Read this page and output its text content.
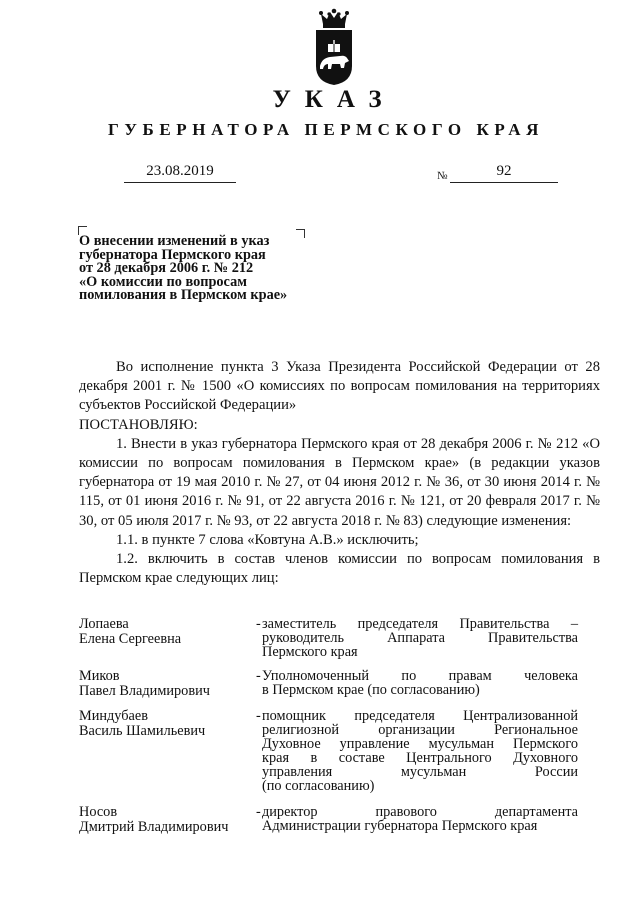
УКАЗ
ГУБЕРНАТОРА ПЕРМСКОГО КРАЯ
23.08.2019	№	92
О внесении изменений в указ
губернатора Пермского края
от 28 декабря 2006 г. № 212
«О комиссии по вопросам
помилования в Пермском крае»

Во исполнение пункта 3 Указа Президента Российской Федерации от 28 декабря 2001 г. № 1500 «О комиссиях по вопросам помилования на территориях субъектов Российской Федерации»

ПОСТАНОВЛЯЮ:

1. Внести в указ губернатора Пермского края от 28 декабря 2006 г. № 212 «О комиссии по вопросам помилования в Пермском крае» (в редакции указов губернатора от 19 мая 2010 г. № 27, от 04 июня 2012 г. № 36, от 30 июня 2014 г. № 115, от 01 июня 2016 г. № 91, от 22 августа 2016 г. № 121, от 20 февраля 2017 г. № 30, от 05 июля 2017 г. № 93, от 22 августа 2018 г. № 83) следующие изменения:

1.1. в пункте 7 слова «Ковтуна А.В.» исключить;

1.2. включить в состав членов комиссии по вопросам помилования в Пермском крае следующих лиц:

Лопаева
Елена Сергеевна
- заместитель председателя Правительства –
руководитель Аппарата Правительства
Пермского края
Миков
Павел Владимирович
- Уполномоченный по правам человека
в Пермском крае (по согласованию)
Миндубаев
Василь Шамильевич
- помощник председателя Централизованной
религиозной организации Региональное
Духовное управление мусульман Пермского
края в составе Центрального Духовного
управления мусульман России
(по согласованию)
Носов
Дмитрий Владимирович
- директор правового департамента
Администрации губернатора Пермского края
